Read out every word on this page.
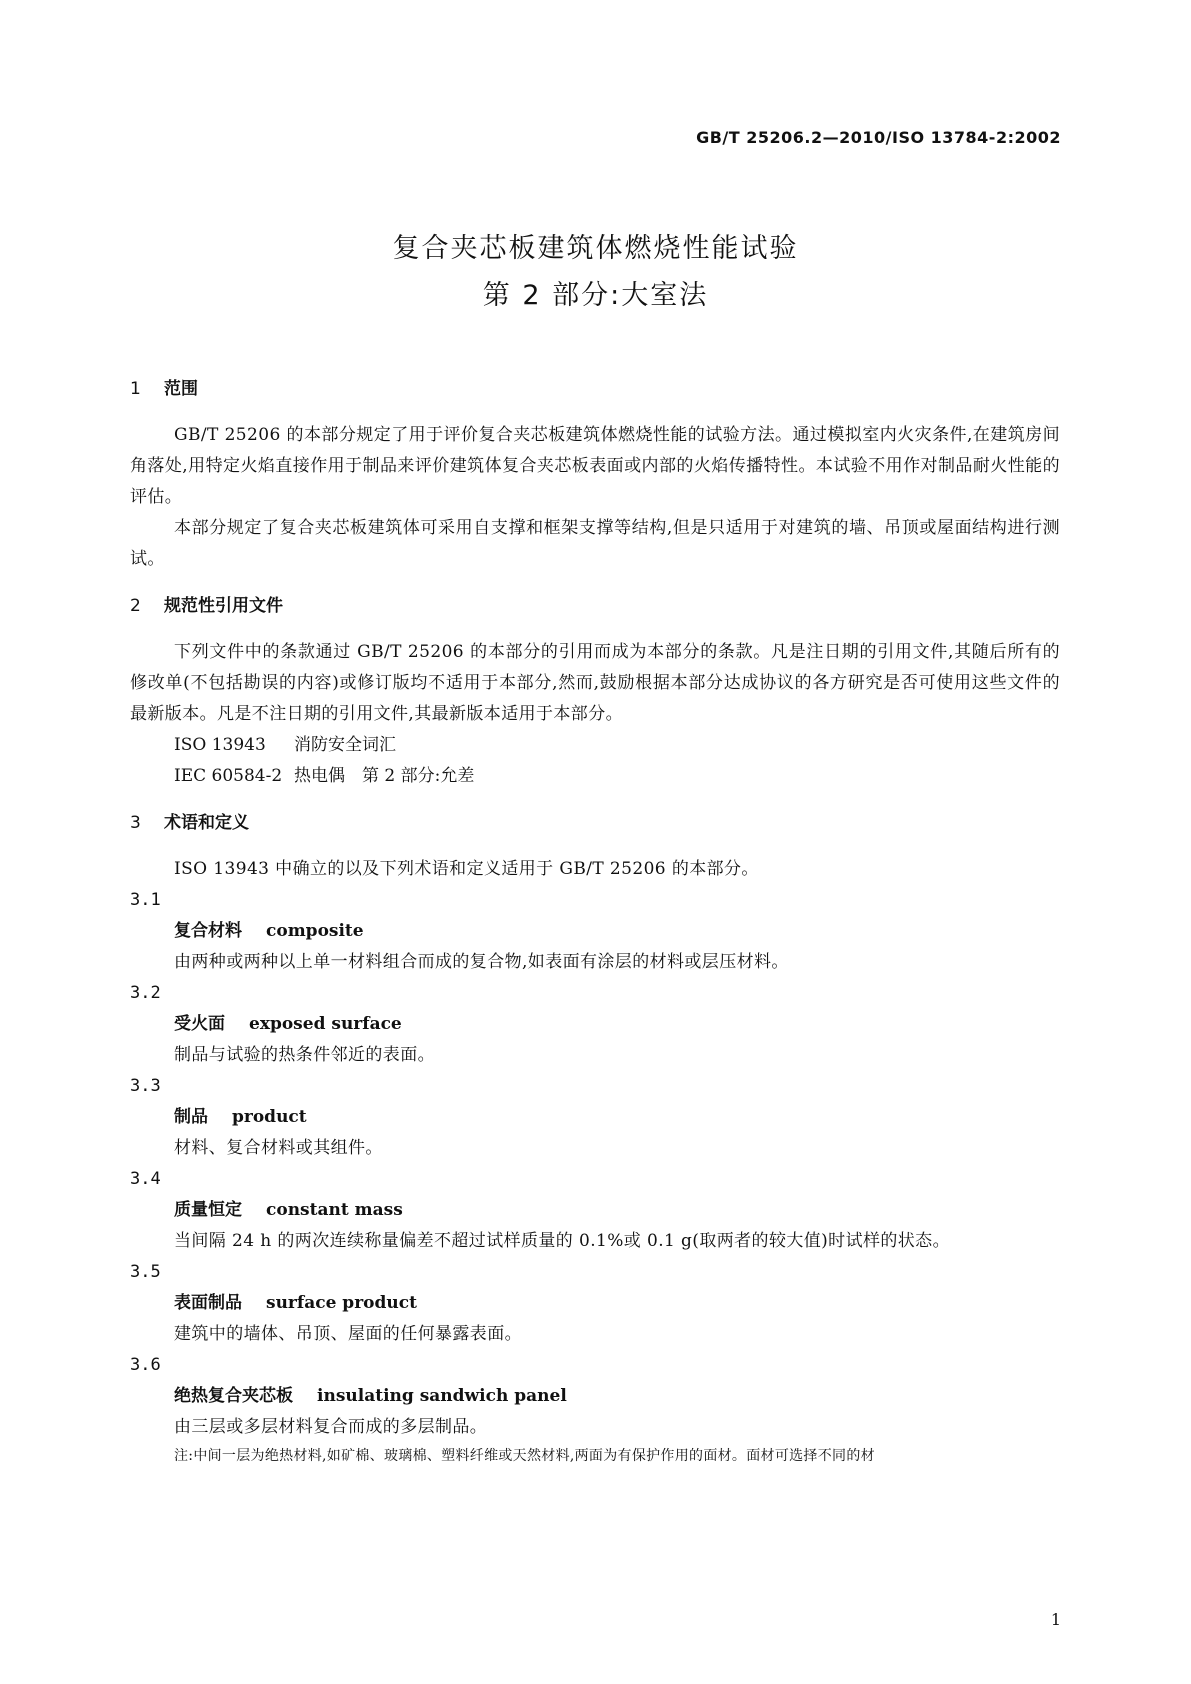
GB/T 25206.2—2010/ISO 13784-2:2002
复合夹芯板建筑体燃烧性能试验
第 2 部分:大室法
1 范围
GB/T 25206 的本部分规定了用于评价复合夹芯板建筑体燃烧性能的试验方法。通过模拟室内火灾条件,在建筑房间角落处,用特定火焰直接作用于制品来评价建筑体复合夹芯板表面或内部的火焰传播特性。本试验不用作对制品耐火性能的评估。
本部分规定了复合夹芯板建筑体可采用自支撑和框架支撑等结构,但是只适用于对建筑的墙、吊顶或屋面结构进行测试。
2 规范性引用文件
下列文件中的条款通过 GB/T 25206 的本部分的引用而成为本部分的条款。凡是注日期的引用文件,其随后所有的修改单(不包括勘误的内容)或修订版均不适用于本部分,然而,鼓励根据本部分达成协议的各方研究是否可使用这些文件的最新版本。凡是不注日期的引用文件,其最新版本适用于本部分。
ISO 13943 消防安全词汇
IEC 60584-2 热电偶　第 2 部分:允差
3 术语和定义
ISO 13943 中确立的以及下列术语和定义适用于 GB/T 25206 的本部分。
3.1
复合材料 composite
由两种或两种以上单一材料组合而成的复合物,如表面有涂层的材料或层压材料。
3.2
受火面 exposed surface
制品与试验的热条件邻近的表面。
3.3
制品 product
材料、复合材料或其组件。
3.4
质量恒定 constant mass
当间隔 24 h 的两次连续称量偏差不超过试样质量的 0.1%或 0.1 g(取两者的较大值)时试样的状态。
3.5
表面制品 surface product
建筑中的墙体、吊顶、屋面的任何暴露表面。
3.6
绝热复合夹芯板 insulating sandwich panel
由三层或多层材料复合而成的多层制品。
注:中间一层为绝热材料,如矿棉、玻璃棉、塑料纤维或天然材料,两面为有保护作用的面材。面材可选择不同的材
1
